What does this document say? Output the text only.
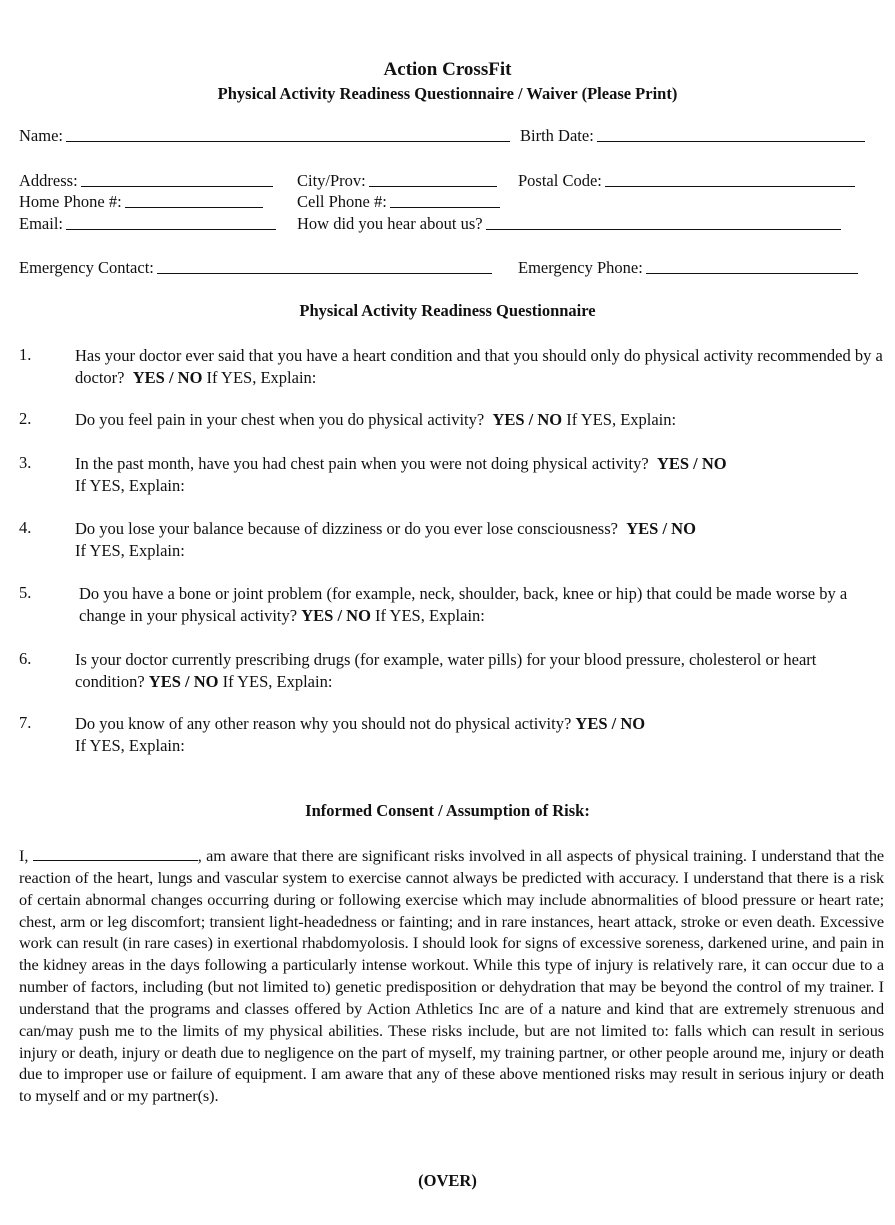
Action CrossFit
Physical Activity Readiness Questionnaire / Waiver (Please Print)
Name:	Birth Date:
Address:	City/Prov:	Postal Code:
Home Phone #:	Cell Phone #:
Email:	How did you hear about us?
Emergency Contact:	Emergency Phone:
Physical Activity Readiness Questionnaire
1.	Has your doctor ever said that you have a heart condition and that you should only do physical activity recommended by a doctor? YES / NO If YES, Explain:
2.	Do you feel pain in your chest when you do physical activity? YES / NO If YES, Explain:
3.	In the past month, have you had chest pain when you were not doing physical activity? YES / NO
If YES, Explain:
4.	Do you lose your balance because of dizziness or do you ever lose consciousness? YES / NO
If YES, Explain:
5.	Do you have a bone or joint problem (for example, neck, shoulder, back, knee or hip) that could be made worse by a change in your physical activity? YES / NO If YES, Explain:
6.	Is your doctor currently prescribing drugs (for example, water pills) for your blood pressure, cholesterol or heart condition? YES / NO If YES, Explain:
7.	Do you know of any other reason why you should not do physical activity? YES / NO
If YES, Explain:
Informed Consent / Assumption of Risk:
I,	, am aware that there are significant risks involved in all aspects of physical training. I understand that the reaction of the heart, lungs and vascular system to exercise cannot always be predicted with accuracy. I understand that there is a risk of certain abnormal changes occurring during or following exercise which may include abnormalities of blood pressure or heart rate; chest, arm or leg discomfort; transient light-headedness or fainting; and in rare instances, heart attack, stroke or even death. Excessive work can result (in rare cases) in exertional rhabdomyolosis. I should look for signs of excessive soreness, darkened urine, and pain in the kidney areas in the days following a particularly intense workout. While this type of injury is relatively rare, it can occur due to a number of factors, including (but not limited to) genetic predisposition or dehydration that may be beyond the control of my trainer. I understand that the programs and classes offered by Action Athletics Inc are of a nature and kind that are extremely strenuous and can/may push me to the limits of my physical abilities. These risks include, but are not limited to: falls which can result in serious injury or death, injury or death due to negligence on the part of myself, my training partner, or other people around me, injury or death due to improper use or failure of equipment. I am aware that any of these above mentioned risks may result in serious injury or death to myself and or my partner(s).
(OVER)
